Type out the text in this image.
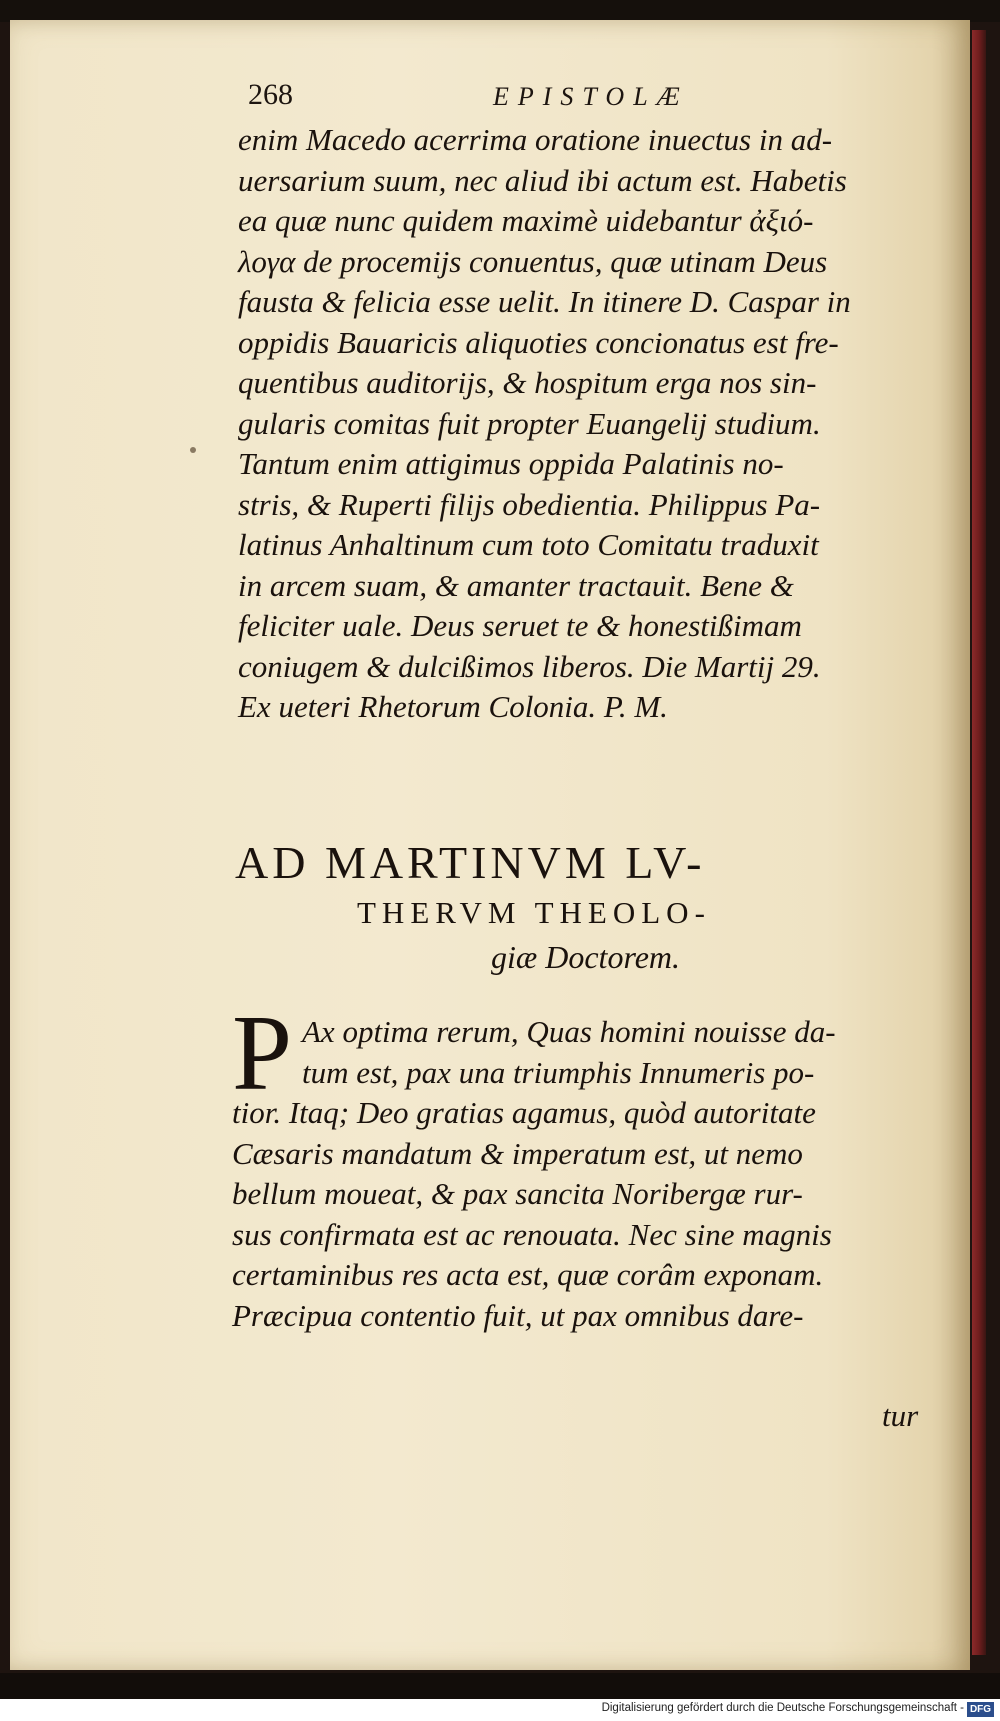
268	EPISTOLÆ
enim Macedo acerrima oratione inuectus in ad-
uersarium suum, nec aliud ibi actum est. Habetis
ea quæ nunc quidem maximè uidebantur ἀξιό-
λογα de procemijs conuentus, quæ utinam Deus
fausta & felicia esse uelit. In itinere D. Caspar in
oppidis Bauaricis aliquoties concionatus est fre-
quentibus auditorijs, & hospitum erga nos sin-
gularis comitas fuit propter Euangelij studium.
Tantum enim attigimus oppida Palatinis no-
stris, & Ruperti filijs obedientia. Philippus Pa-
latinus Anhaltinum cum toto Comitatu traduxit
in arcem suam, & amanter tractauit. Bene &
feliciter uale. Deus seruet te & honestißimam
coniugem & dulcißimos liberos. Die Martij 29.
Ex ueteri Rhetorum Colonia. P. M.
AD MARTINVM LV-
THERVM THEOLO-
giæ Doctorem.
P Ax optima rerum, Quas homini nouisse da-
tum est, pax una triumphis Innumeris po-
tior. Itaq; Deo gratias agamus, quòd autoritate
Cæsaris mandatum & imperatum est, ut nemo
bellum moueat, & pax sancita Noribergæ rur-
sus confirmata est ac renouata. Nec sine magnis
certaminibus res acta est, quæ corâm exponam.
Præcipua contentio fuit, ut pax omnibus dare-
tur
Digitalisierung gefördert durch die Deutsche Forschungsgemeinschaft - DFG
